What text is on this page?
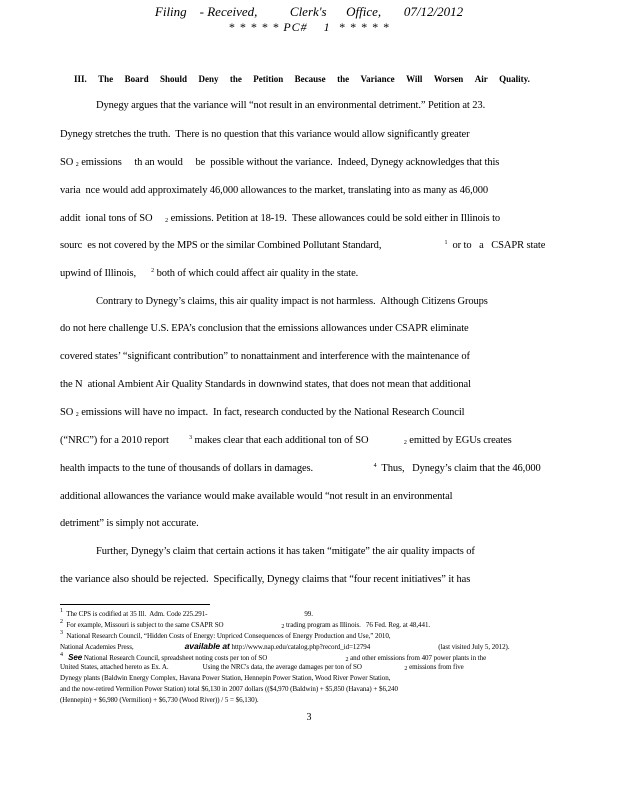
Filing    - Received,          Clerk's      Office,       07/12/2012
* * * * * PC#    1  * * * * *
III. The Board Should Deny the Petition Because the Variance Will Worsen Air Quality.
Dynegy argues that the variance will “not result in an environmental detriment.” Petition at 23.
Dynegy stretches the truth.  There is no question that this variance would allow significantly greater
SO 2 emissions     th an would     be  possible without the variance.  Indeed, Dynegy acknowledges that this
varia  nce would add approximately 46,000 allowances to the market, translating into as many as 46,000
addit  ional tons of SO 2 emissions. Petition at 18-19.  These allowances could be sold either in Illinois to
sourc  es not covered by the MPS or the similar Combined Pollutant Standard,	$^1$ or to   a   CSAPR state
upwind of Illinois,	$^2$ both of which could affect air quality in the state.
Contrary to Dynegy’s claims, this air quality impact is not harmless.  Although Citizens Groups
do not here challenge U.S. EPA’s conclusion that the emissions allowances under CSAPR eliminate
covered states’ “significant contribution” to nonattainment and interference with the maintenance of
the N  ational Ambient Air Quality Standards in downwind states, that does not mean that additional
SO 2 emissions will have no impact.  In fact, research conducted by the National Research Council
(“NRC”) for a 2010 report	$^3$ makes clear that each additional ton of SO	2 emitted by EGUs creates
health impacts to the tune of thousands of dollars in damages.	$^4$  Thus,   Dynegy’s claim that the 46,000
additional allowances the variance would make available would “not result in an environmental
detriment” is simply not accurate.
Further, Dynegy’s claim that certain actions it has taken “mitigate” the air quality impacts of
the variance also should be rejected.  Specifically, Dynegy claims that “four recent initiatives” it has
1 The CPS is codified at 35 Ill.  Adm. Code 225.291-	99.
2 For example, Missouri is subject to the same CSAPR SO	2 trading program as Illinois.   76 Fed. Reg. at 48,441.
3 National Research Council, “Hidden Costs of Energy: Unpriced Consequences of Energy Production and Use,” 2010,
National Academies Press,	available at http://www.nap.edu/catalog.php?record_id=12794	(last visited July 5, 2012).
4 See National Research Council, spreadsheet noting costs per ton of SO	2 and other emissions from 407 power plants in the
United States, attached hereto as Ex. A.	Using the NRC's data, the average damages per ton of SO	2 emissions from five
Dynegy plants (Baldwin Energy Complex, Havana Power Station, Hennepin Power Station, Wood River Power Station,
and the now-retired Vermilion Power Station) total $6,130 in 2007 dollars (($4,970 (Baldwin) + $5,850 (Havana) + $6,240
(Hennepin) + $6,980 (Vermilion) + $6,730 (Wood River)) / 5 = $6,130).
3
